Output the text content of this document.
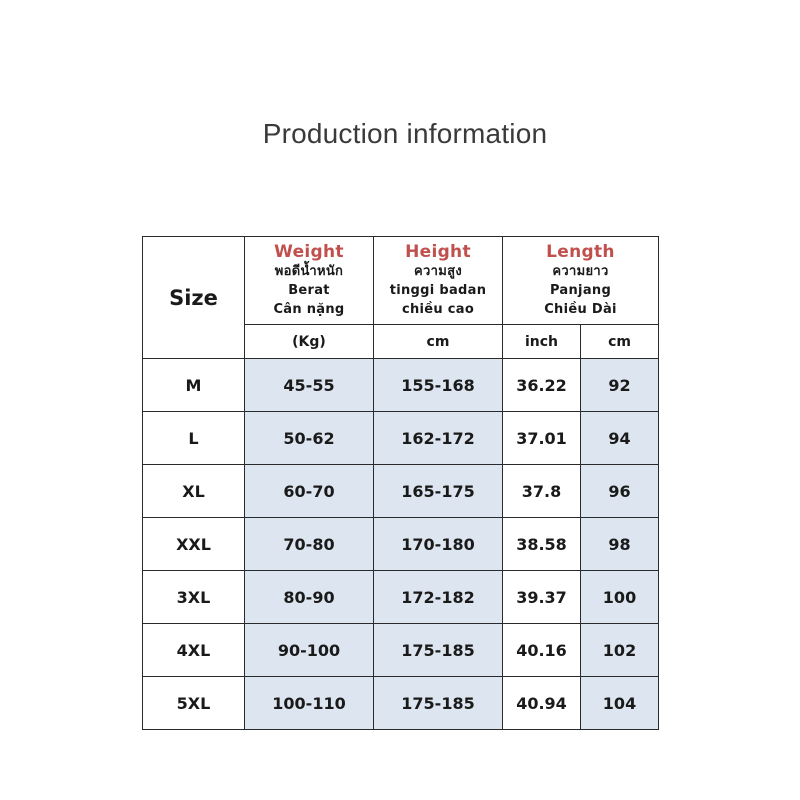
Production information
Size	Weight
พอดีน้ำหนัก
Berat
Cân nặng	Height
ความสูง
tinggi badan
chiều cao	Length
ความยาว
Panjang
Chiều Dài	

	(Kg)	cm	inch	cm
M	45-55	155-168	36.22	92
L	50-62	162-172	37.01	94
XL	60-70	165-175	37.8	96
XXL	70-80	170-180	38.58	98
3XL	80-90	172-182	39.37	100
4XL	90-100	175-185	40.16	102
5XL	100-110	175-185	40.94	104
